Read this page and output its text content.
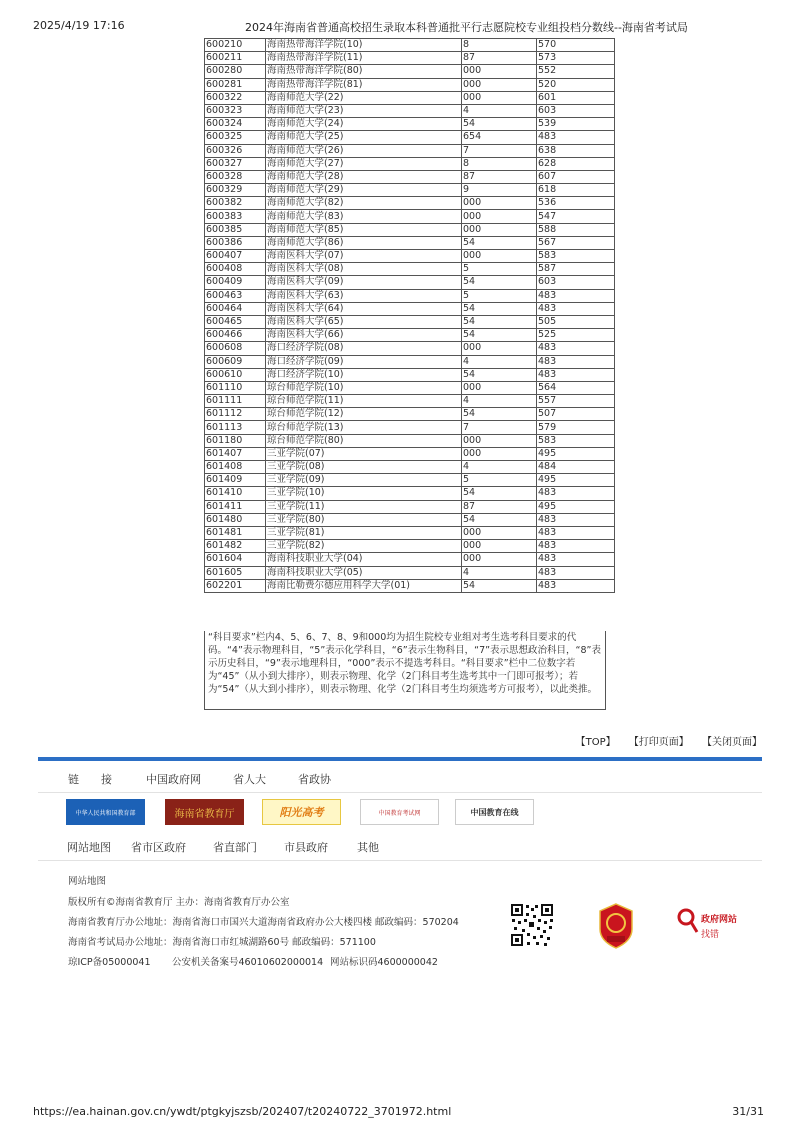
2025/4/19 17:16	2024年海南省普通高校招生录取本科普通批平行志愿院校专业组投档分数线--海南省考试局
600210	海南热带海洋学院(10)	8	570
600211	海南热带海洋学院(11)	87	573
600280	海南热带海洋学院(80)	000	552
600281	海南热带海洋学院(81)	000	520
600322	海南师范大学(22)	000	601
600323	海南师范大学(23)	4	603
600324	海南师范大学(24)	54	539
600325	海南师范大学(25)	654	483
600326	海南师范大学(26)	7	638
600327	海南师范大学(27)	8	628
600328	海南师范大学(28)	87	607
600329	海南师范大学(29)	9	618
600382	海南师范大学(82)	000	536
600383	海南师范大学(83)	000	547
600385	海南师范大学(85)	000	588
600386	海南师范大学(86)	54	567
600407	海南医科大学(07)	000	583
600408	海南医科大学(08)	5	587
600409	海南医科大学(09)	54	603
600463	海南医科大学(63)	5	483
600464	海南医科大学(64)	54	483
600465	海南医科大学(65)	54	505
600466	海南医科大学(66)	54	525
600608	海口经济学院(08)	000	483
600609	海口经济学院(09)	4	483
600610	海口经济学院(10)	54	483
601110	琼台师范学院(10)	000	564
601111	琼台师范学院(11)	4	557
601112	琼台师范学院(12)	54	507
601113	琼台师范学院(13)	7	579
601180	琼台师范学院(80)	000	583
601407	三亚学院(07)	000	495
601408	三亚学院(08)	4	484
601409	三亚学院(09)	5	495
601410	三亚学院(10)	54	483
601411	三亚学院(11)	87	495
601480	三亚学院(80)	54	483
601481	三亚学院(81)	000	483
601482	三亚学院(82)	000	483
601604	海南科技职业大学(04)	000	483
601605	海南科技职业大学(05)	4	483
602201	海南比勒费尔德应用科学大学(01)	54	483
“科目要求”栏内4、5、6、7、8、9和000均为招生院校专业组对考生选考科目要求的代码。“4”表示物理科目，“5”表示化学科目，“6”表示生物科目，“7”表示思想政治科目，“8”表示历史科目，“9”表示地理科目，“000”表示不提选考科目。“科目要求”栏中二位数字若为“45”（从小到大排序），则表示物理、化学（2门科目考生选考其中一门即可报考）；若为“54”（从大到小排序），则表示物理、化学（2门科目考生均须选考方可报考），以此类推。
【TOP】 【打印页面】 【关闭页面】
链　　接	中国政府网	省人大	省政协
中华人民共和国教育部	海南省教育厅	阳光高考	中国教育考试网	中国教育在线
网站地图 省市区政府 省直部门 市县政府	其他
网站地图
版权所有©海南省教育厅 主办：海南省教育厅办公室
海南省教育厅办公地址：海南省海口市国兴大道海南省政府办公大楼四楼 邮政编码：570204
海南省考试局办公地址：海南省海口市红城湖路60号 邮政编码：571100
琼ICP备05000041 公安机关备案号46010602000014 网站标识码4600000042
政府网站
找错
https://ea.hainan.gov.cn/ywdt/ptgkyjszsb/202407/t20240722_3701972.html	31/31
